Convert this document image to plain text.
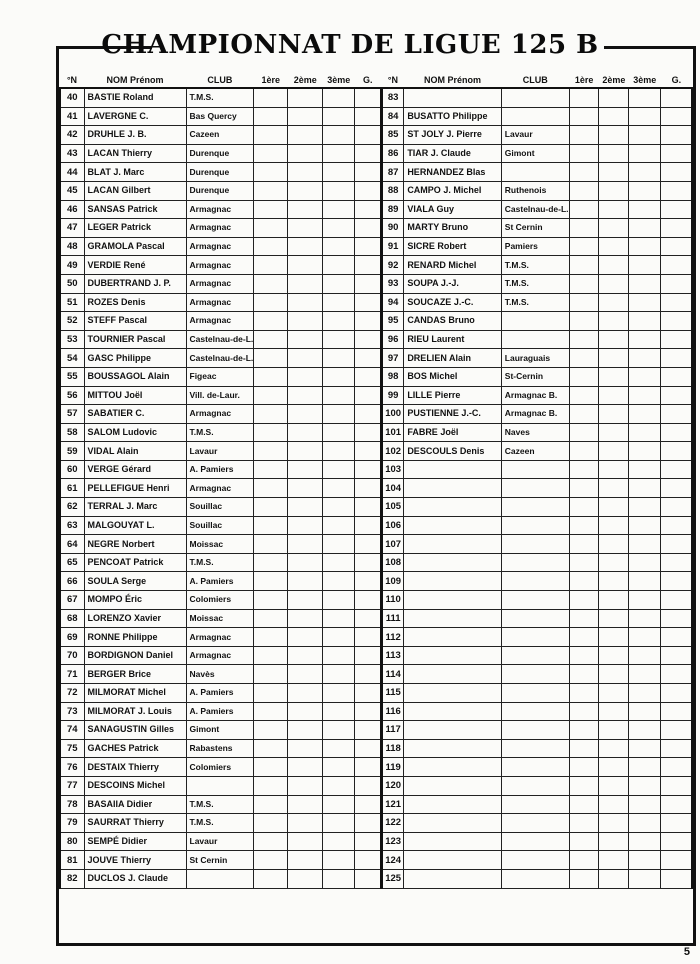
CHAMPIONNAT DE LIGUE 125 B
°N	NOM Prénom	CLUB	1ère	2ème	3ème	G.
40	BASTIE Roland	T.M.S.				
41	LAVERGNE C.	Bas Quercy				
42	DRUHLE J. B.	Cazeen				
43	LACAN Thierry	Durenque				
44	BLAT J. Marc	Durenque				
45	LACAN Gilbert	Durenque				
46	SANSAS Patrick	Armagnac				
47	LEGER Patrick	Armagnac				
48	GRAMOLA Pascal	Armagnac				
49	VERDIE René	Armagnac				
50	DUBERTRAND J. P.	Armagnac				
51	ROZES Denis	Armagnac				
52	STEFF Pascal	Armagnac				
53	TOURNIER Pascal	Castelnau-de-L.				
54	GASC Philippe	Castelnau-de-L.				
55	BOUSSAGOL Alain	Figeac				
56	MITTOU Joël	Vill. de-Laur.				
57	SABATIER C.	Armagnac				
58	SALOM Ludovic	T.M.S.				
59	VIDAL Alain	Lavaur				
60	VERGE Gérard	A. Pamiers				
61	PELLEFIGUE Henri	Armagnac				
62	TERRAL J. Marc	Souillac				
63	MALGOUYAT L.	Souillac				
64	NEGRE Norbert	Moissac				
65	PENCOAT Patrick	T.M.S.				
66	SOULA Serge	A. Pamiers				
67	MOMPO Éric	Colomiers				
68	LORENZO Xavier	Moissac				
69	RONNE Philippe	Armagnac				
70	BORDIGNON Daniel	Armagnac				
71	BERGER Brice	Navès				
72	MILMORAT Michel	A. Pamiers				
73	MILMORAT J. Louis	A. Pamiers				
74	SANAGUSTIN Gilles	Gimont				
75	GACHES Patrick	Rabastens				
76	DESTAIX Thierry	Colomiers				
77	DESCOINS Michel					
78	BASAIIA Didier	T.M.S.				
79	SAURRAT Thierry	T.M.S.				
80	SEMPÉ Didier	Lavaur				
81	JOUVE Thierry	St Cernin				
82	DUCLOS J. Claude					
°N	NOM Prénom	CLUB	1ère	2ème	3ème	G.
83						
84	BUSATTO Philippe					
85	ST JOLY J. Pierre	Lavaur				
86	TIAR J. Claude	Gimont				
87	HERNANDEZ Blas					
88	CAMPO J. Michel	Ruthenois				
89	VIALA Guy	Castelnau-de-L.				
90	MARTY Bruno	St Cernin				
91	SICRE Robert	Pamiers				
92	RENARD Michel	T.M.S.				
93	SOUPA J.-J.	T.M.S.				
94	SOUCAZE J.-C.	T.M.S.				
95	CANDAS Bruno					
96	RIEU Laurent					
97	DRELIEN Alain	Lauraguais				
98	BOS Michel	St-Cernin				
99	LILLE Pierre	Armagnac B.				
100	PUSTIENNE J.-C.	Armagnac B.				
101	FABRE Joël	Naves				
102	DESCOULS Denis	Cazeen				
103						
104						
105						
106						
107						
108						
109						
110						
111						
112						
113						
114						
115						
116						
117						
118						
119						
120						
121						
122						
123						
124						
125						
5
